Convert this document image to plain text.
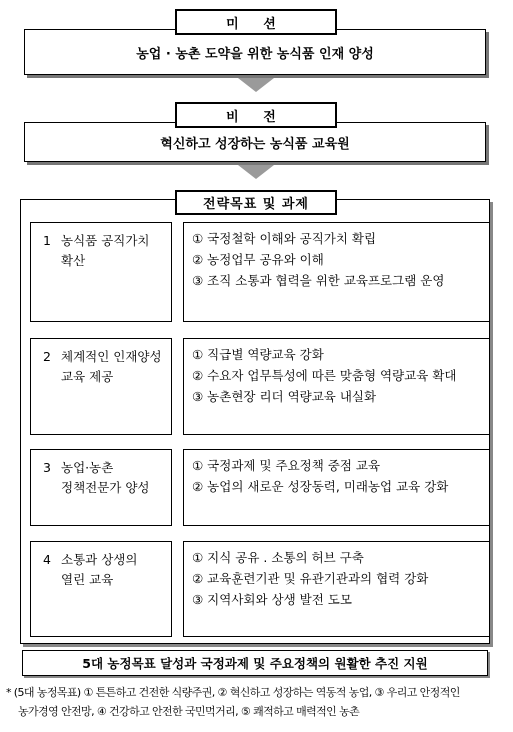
미 션
농업 · 농촌 도약을 위한 농식품 인재 양성
비 전
혁신하고 성장하는 농식품 교육원
전략목표 및 과제
1 농식품 공직가치
확산
① 국정철학 이해와 공직가치 확립
② 농정업무 공유와 이해
③ 조직 소통과 협력을 위한 교육프로그램 운영
2 체계적인 인재양성
교육 제공
① 직급별 역량교육 강화
② 수요자 업무특성에 따른 맞춤형 역량교육 확대
③ 농촌현장 리더 역량교육 내실화
3 농업·농촌
정책전문가 양성
① 국정과제 및 주요정책 중점 교육
② 농업의 새로운 성장동력, 미래농업 교육 강화
4 소통과 상생의
열린 교육
① 지식 공유 . 소통의 허브 구축
② 교육훈련기관 및 유관기관과의 협력 강화
③ 지역사회와 상생 발전 도모
5대 농정목표 달성과 국정과제 및 주요정책의 원활한 추진 지원
* (5대 농정목표) ① 튼튼하고 건전한 식량주권, ② 혁신하고 성장하는 역동적 농업, ③ 우리고 안정적인
농가경영 안전망, ④ 건강하고 안전한 국민먹거리, ⑤ 쾌적하고 매력적인 농촌
